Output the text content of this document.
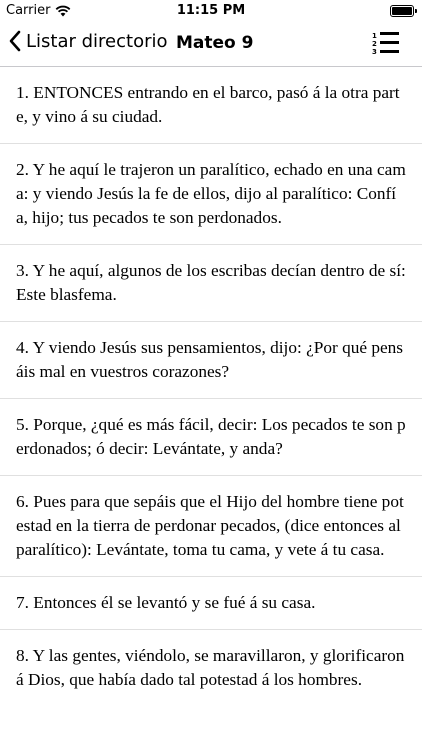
Carrier	11:15 PM
Listar directorio Mateo 9	1
2
3
1. ENTONCES entrando en el barco, pasó á la otra parte, y vino á su ciudad.
2. Y he aquí le trajeron un paralítico, echado en una cama: y viendo Jesús la fe de ellos, dijo al paralítico: Confía, hijo; tus pecados te son perdonados.
3. Y he aquí, algunos de los escribas decían dentro de sí: Este blasfema.
4. Y viendo Jesús sus pensamientos, dijo: ¿Por qué pensáis mal en vuestros corazones?
5. Porque, ¿qué es más fácil, decir: Los pecados te son perdonados; ó decir: Levántate, y anda?
6. Pues para que sepáis que el Hijo del hombre tiene potestad en la tierra de perdonar pecados, (dice entonces al paralítico): Levántate, toma tu cama, y vete á tu casa.
7. Entonces él se levantó y se fué á su casa.
8. Y las gentes, viéndolo, se maravillaron, y glorificaron á Dios, que había dado tal potestad á los hombres.
